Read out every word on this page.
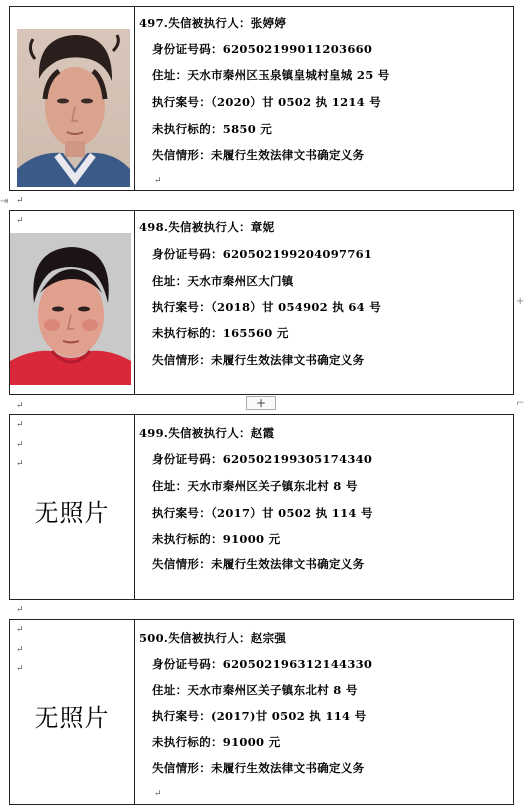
497.失信被执行人：张婷婷
身份证号码：620502199011203660
住址：天水市秦州区玉泉镇皇城村皇城 25 号
执行案号：（2020）甘 0502 执 1214 号
未执行标的：5850 元
失信情形：未履行生效法律文书确定义务
↵
↵	498.失信被执行人：章妮
身份证号码：620502199204097761
住址：天水市秦州区大门镇
执行案号：（2018）甘 054902 执 64 号
未执行标的：165560 元
失信情形：未履行生效法律文书确定义务
+
↵
↵
↵
无照片
499.失信被执行人：赵霞
身份证号码：620502199305174340
住址：天水市秦州区关子镇东北村 8 号
执行案号：（2017）甘 0502 执 114 号
未执行标的：91000 元
失信情形：未履行生效法律文书确定义务
↵
↵
↵
无照片
500.失信被执行人：赵宗强
身份证号码：620502196312144330
住址：天水市秦州区关子镇东北村 8 号
执行案号：(2017)甘 0502 执 114 号
未执行标的：91000 元
失信情形：未履行生效法律文书确定义务
↵
↵
↵
↵
⇥
+
⌐
